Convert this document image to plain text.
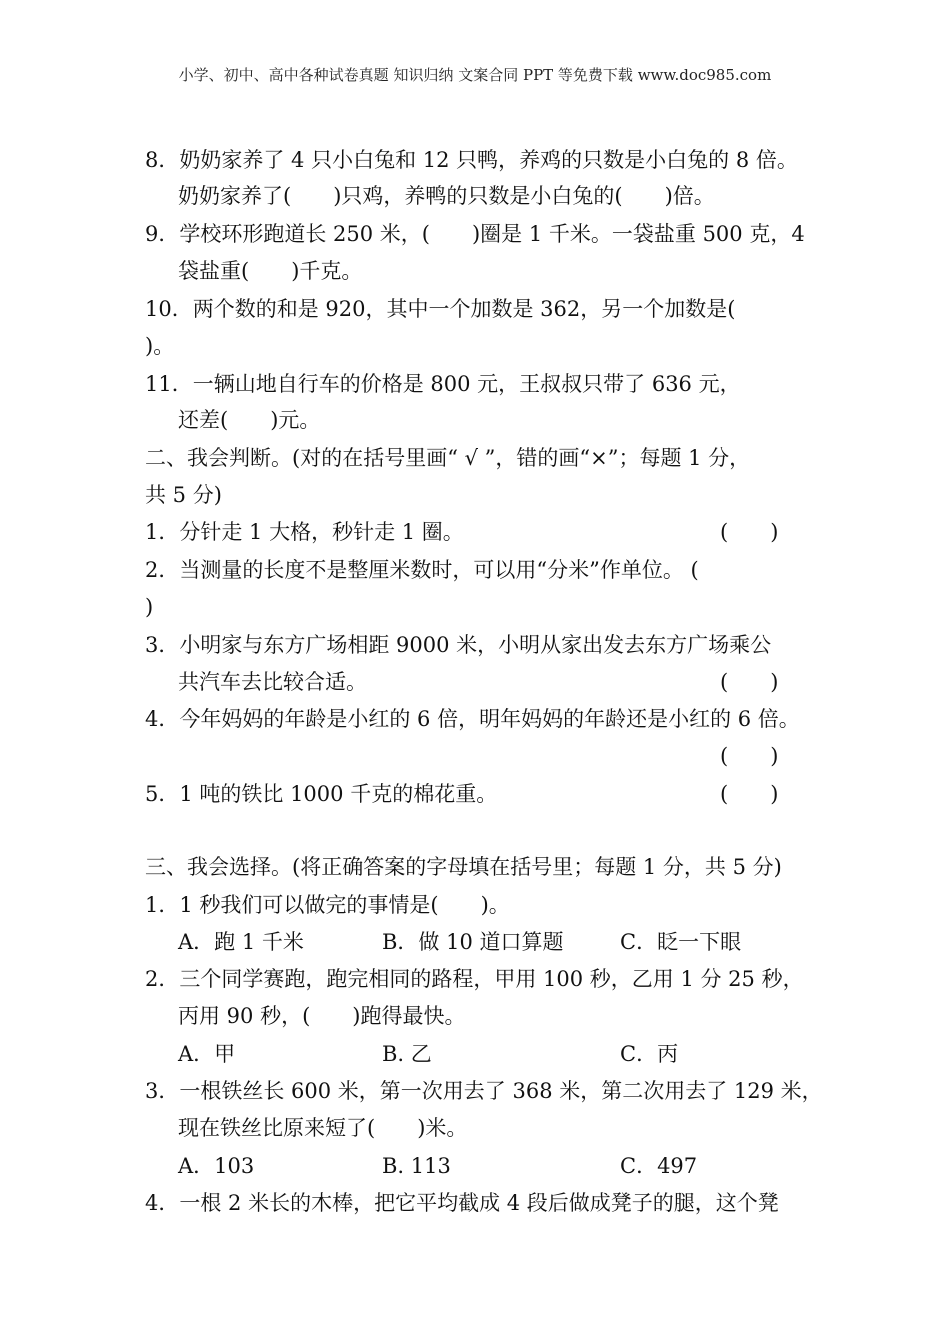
小学、初中、高中各种试卷真题 知识归纳 文案合同 PPT 等免费下载 www.doc985.com
8．奶奶家养了 4 只小白兔和 12 只鸭，养鸡的只数是小白兔的 8 倍。
奶奶家养了(　　)只鸡，养鸭的只数是小白兔的(　　)倍。
9．学校环形跑道长 250 米，(　　)圈是 1 千米。一袋盐重 500 克，4
袋盐重(　　)千克。
10．两个数的和是 920，其中一个加数是 362，另一个加数是(
)。
11．一辆山地自行车的价格是 800 元，王叔叔只带了 636 元，
还差(　　)元。
二、我会判断。(对的在括号里画“ √ ”，错的画“×”；每题 1 分，
共 5 分)
1．分针走 1 大格，秒针走 1 圈。	(　　)
2．当测量的长度不是整厘米数时，可以用“分米”作单位。 (
)
3．小明家与东方广场相距 9000 米，小明从家出发去东方广场乘公
共汽车去比较合适。	(　　)
4．今年妈妈的年龄是小红的 6 倍，明年妈妈的年龄还是小红的 6 倍。
(　　)
5．1 吨的铁比 1000 千克的棉花重。	(　　)
三、我会选择。(将正确答案的字母填在括号里；每题 1 分，共 5 分)
1．1 秒我们可以做完的事情是(　　)。
A．跑 1 千米	B．做 10 道口算题	C．眨一下眼
2．三个同学赛跑，跑完相同的路程，甲用 100 秒，乙用 1 分 25 秒，
丙用 90 秒，(　　)跑得最快。
A．甲	B. 乙	C．丙
3．一根铁丝长 600 米，第一次用去了 368 米，第二次用去了 129 米，
现在铁丝比原来短了(　　)米。
A．103	B. 113	C．497
4．一根 2 米长的木棒，把它平均截成 4 段后做成凳子的腿，这个凳
